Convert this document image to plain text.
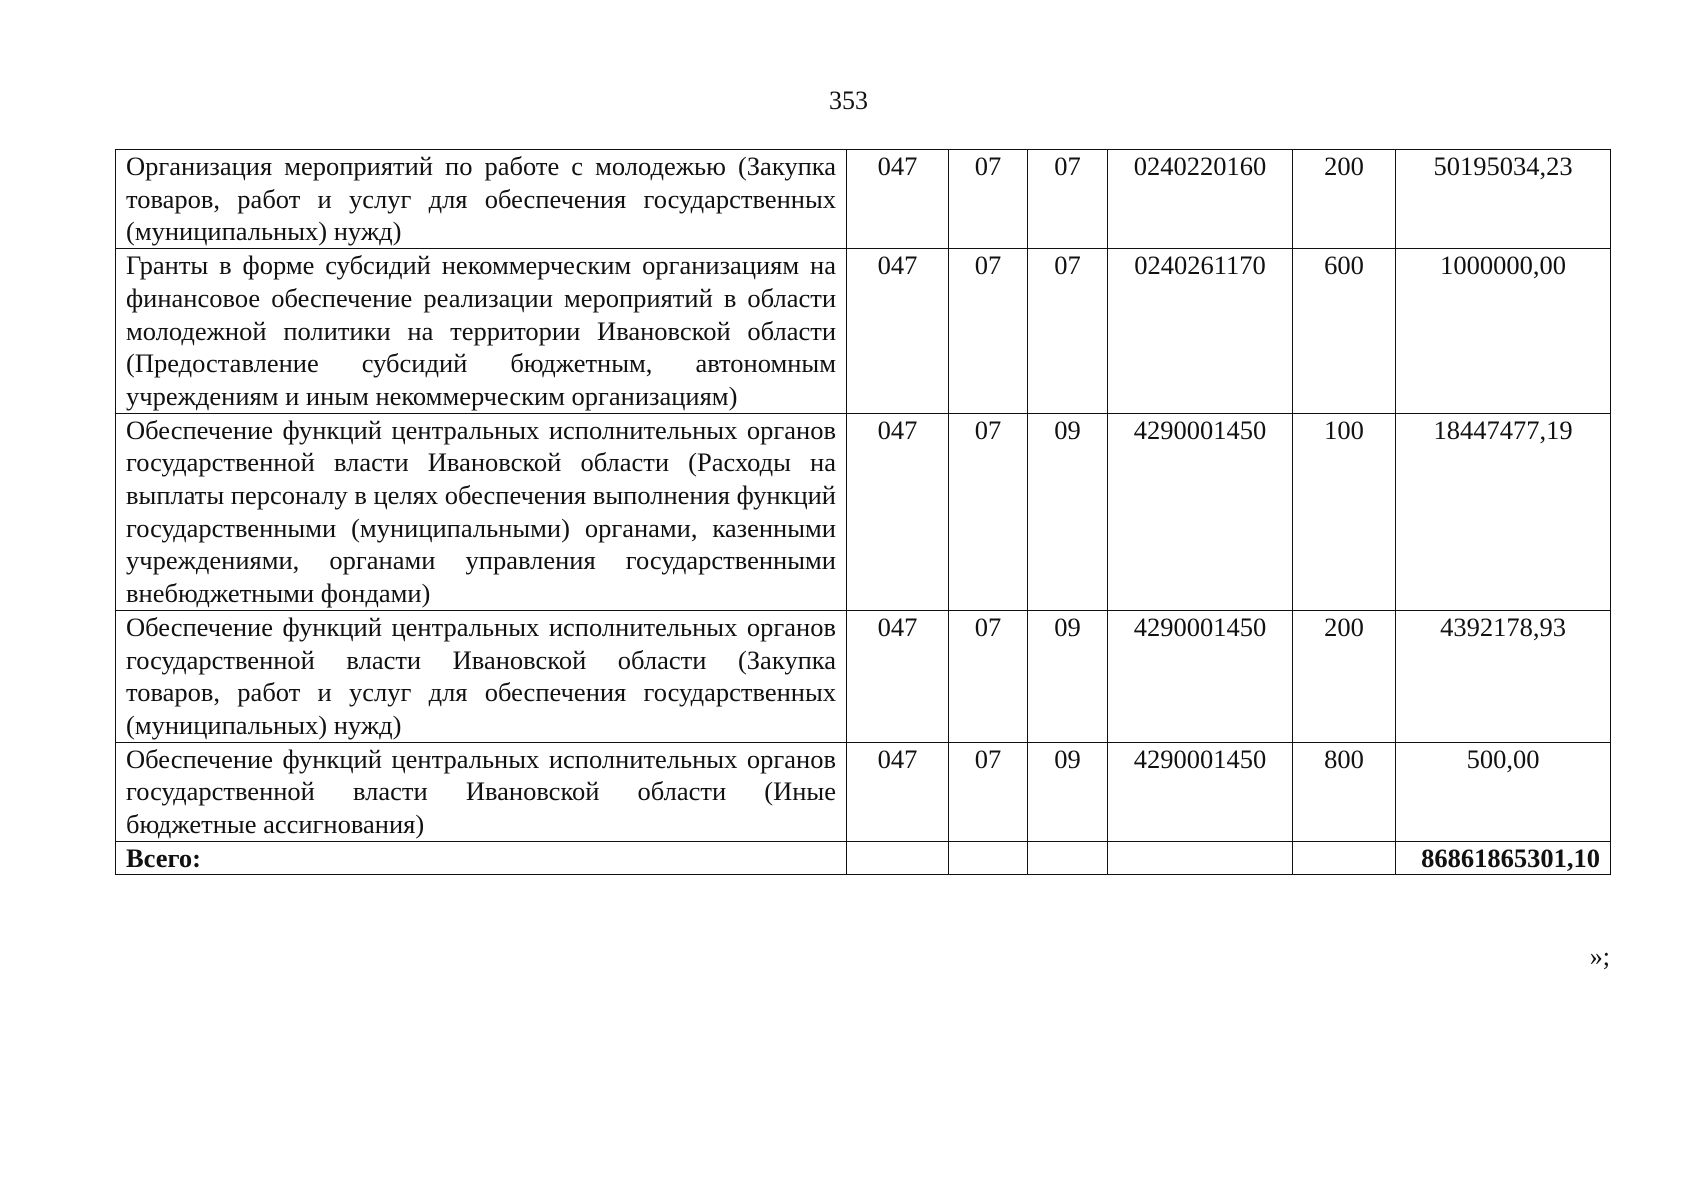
353
Организация мероприятий по работе с молодежью (Закупка товаров, работ и услуг для обеспечения государственных (муниципальных) нужд)	047	07	07	0240220160	200	50195034,23
Гранты в форме субсидий некоммерческим организациям на финансовое обеспечение реализации мероприятий в области молодежной политики на территории Ивановской области (Предоставление субсидий бюджетным, автономным учреждениям и иным некоммерческим организациям)	047	07	07	0240261170	600	1000000,00
Обеспечение функций центральных исполнительных органов государственной власти Ивановской области (Расходы на выплаты персоналу в целях обеспечения выполнения функций государственными (муниципальными) органами, казенными учреждениями, органами управления государственными внебюджетными фондами)	047	07	09	4290001450	100	18447477,19
Обеспечение функций центральных исполнительных органов государственной власти Ивановской области (Закупка товаров, работ и услуг для обеспечения государственных (муниципальных) нужд)	047	07	09	4290001450	200	4392178,93
Обеспечение функций центральных исполнительных органов государственной власти Ивановской области (Иные бюджетные ассигнования)	047	07	09	4290001450	800	500,00
Всего:						86861865301,10
»;
